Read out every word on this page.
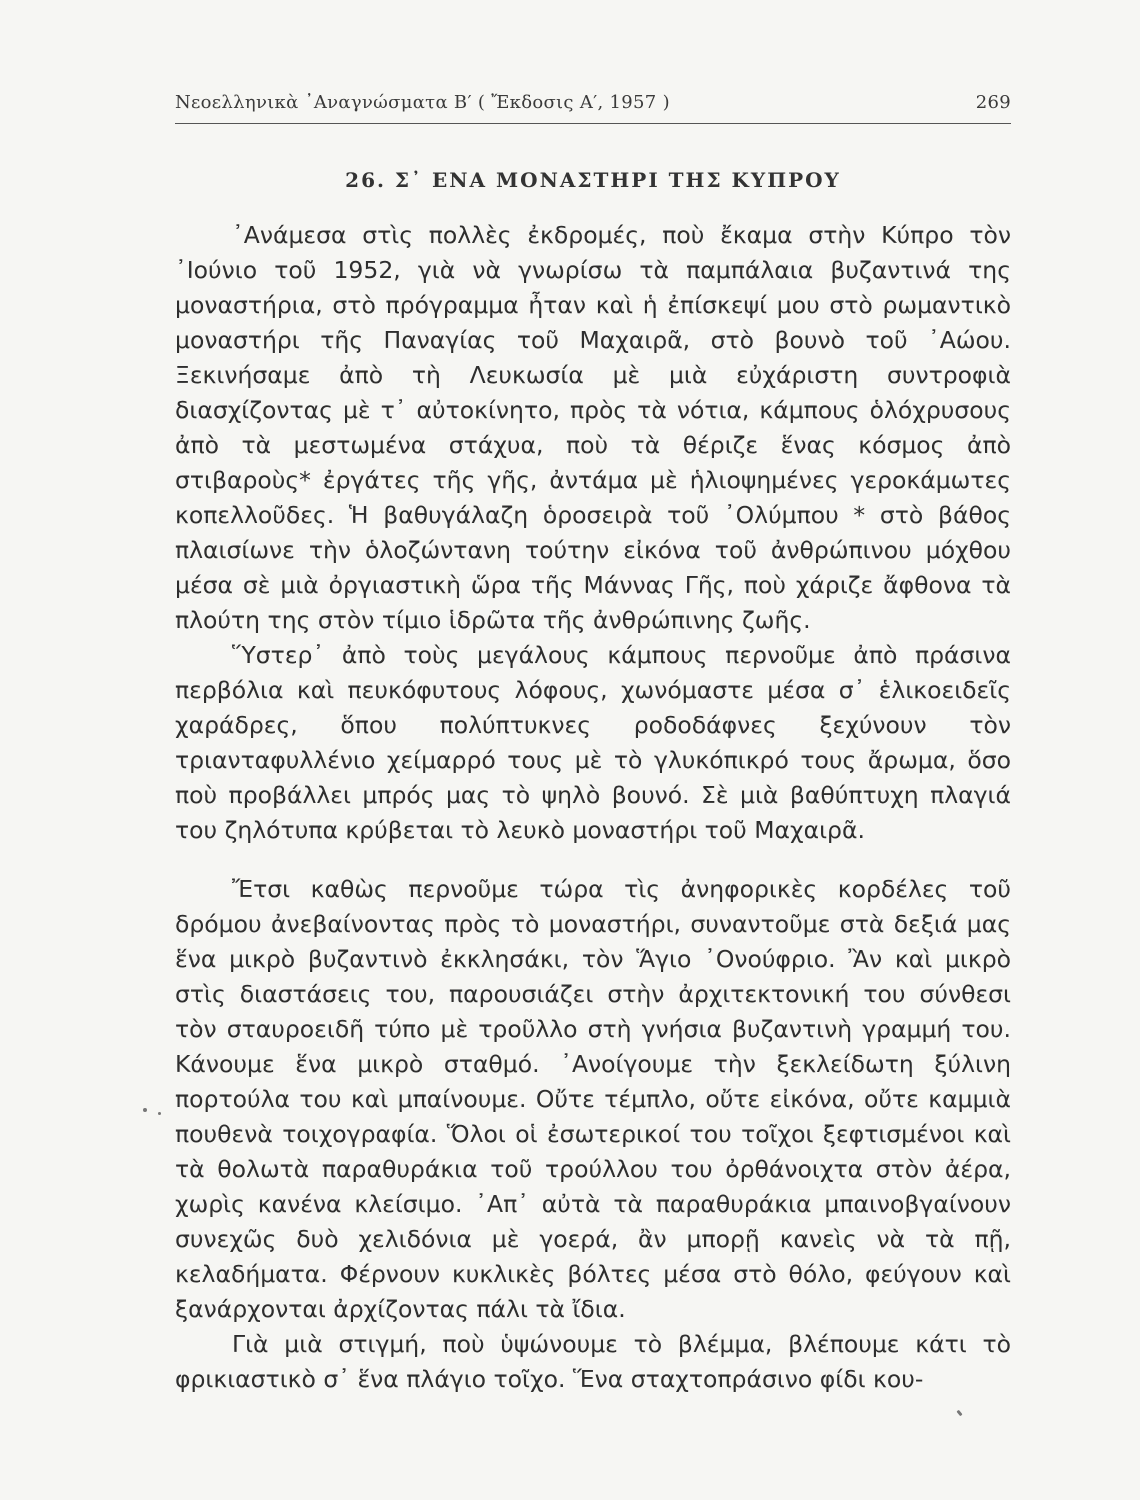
Νεοελληνικὰ ᾿Αναγνώσματα Β′ ( Ἔκδοσις Α′, 1957 )	269
26. Σ᾿ ΕΝΑ ΜΟΝΑΣΤΗΡΙ ΤΗΣ ΚΥΠΡΟΥ

᾿Ανάμεσα στὶς πολλὲς ἐκδρομές, ποὺ ἔκαμα στὴν Κύπρο τὸν ᾿Ιούνιο τοῦ 1952, γιὰ νὰ γνωρίσω τὰ παμπάλαια βυζαντινά της μοναστήρια, στὸ πρόγραμμα ἦταν καὶ ἡ ἐπίσκεψί μου στὸ ρωμαντικὸ μοναστήρι τῆς Παναγίας τοῦ Μαχαιρᾶ, στὸ βουνὸ τοῦ ᾿Αώου. Ξεκινήσαμε ἀπὸ τὴ Λευκωσία μὲ μιὰ εὐχάριστη συντροφιὰ διασχίζοντας μὲ τ᾿ αὐτοκίνητο, πρὸς τὰ νότια, κάμπους ὁλόχρυσους ἀπὸ τὰ μεστωμένα στάχυα, ποὺ τὰ θέριζε ἕνας κόσμος ἀπὸ στιβαροὺς* ἐργάτες τῆς γῆς, ἀντάμα μὲ ἡλιοψημένες γεροκάμωτες κοπελλοῦδες. Ἡ βαθυγάλαζη ὁροσειρὰ τοῦ ᾿Ολύμπου * στὸ βάθος πλαισίωνε τὴν ὁλοζώντανη τούτην εἰκόνα τοῦ ἀνθρώπινου μόχθου μέσα σὲ μιὰ ὀργιαστικὴ ὥρα τῆς Μάννας Γῆς, ποὺ χάριζε ἄφθονα τὰ πλούτη της στὸν τίμιο ἱδρῶτα τῆς ἀνθρώπινης ζωῆς.

Ὕστερ᾿ ἀπὸ τοὺς μεγάλους κάμπους περνοῦμε ἀπὸ πράσινα περβόλια καὶ πευκόφυτους λόφους, χωνόμαστε μέσα σ᾿ ἑλικοειδεῖς χαράδρες, ὅπου πολύπτυκνες ροδοδάφνες ξεχύνουν τὸν τριανταφυλλένιο χείμαρρό τους μὲ τὸ γλυκόπικρό τους ἄρωμα, ὅσο ποὺ προβάλλει μπρός μας τὸ ψηλὸ βουνό. Σὲ μιὰ βαθύπτυχη πλαγιά του ζηλότυπα κρύβεται τὸ λευκὸ μοναστήρι τοῦ Μαχαιρᾶ.

Ἔτσι καθὼς περνοῦμε τώρα τὶς ἀνηφορικὲς κορδέλες τοῦ δρόμου ἀνεβαίνοντας πρὸς τὸ μοναστήρι, συναντοῦμε στὰ δεξιά μας ἕνα μικρὸ βυζαντινὸ ἐκκλησάκι, τὸν Ἅγιο ᾿Ονούφριο. Ἂν καὶ μικρὸ στὶς διαστάσεις του, παρουσιάζει στὴν ἀρχιτεκτονική του σύνθεσι τὸν σταυροειδῆ τύπο μὲ τροῦλλο στὴ γνήσια βυζαντινὴ γραμμή του. Κάνουμε ἕνα μικρὸ σταθμό. ᾿Ανοίγουμε τὴν ξεκλείδωτη ξύλινη πορτούλα του καὶ μπαίνουμε. Οὔτε τέμπλο, οὔτε εἰκόνα, οὔτε καμμιὰ πουθενὰ τοιχογραφία. Ὅλοι οἱ ἐσωτερικοί του τοῖχοι ξεφτισμένοι καὶ τὰ θολωτὰ παραθυράκια τοῦ τρούλλου του ὀρθάνοιχτα στὸν ἀέρα, χωρὶς κανένα κλείσιμο. ᾿Απ᾿ αὐτὰ τὰ παραθυράκια μπαινοβγαίνουν συνεχῶς δυὸ χελιδόνια μὲ γοερά, ἂν μπορῇ κανεὶς νὰ τὰ πῇ, κελαδήματα. Φέρνουν κυκλικὲς βόλτες μέσα στὸ θόλο, φεύγουν καὶ ξανάρχονται ἀρχίζοντας πάλι τὰ ἴδια.

Γιὰ μιὰ στιγμή, ποὺ ὑψώνουμε τὸ βλέμμα, βλέπουμε κάτι τὸ φρικιαστικὸ σ᾿ ἕνα πλάγιο τοῖχο. Ἕνα σταχτοπράσινο φίδι κου-
